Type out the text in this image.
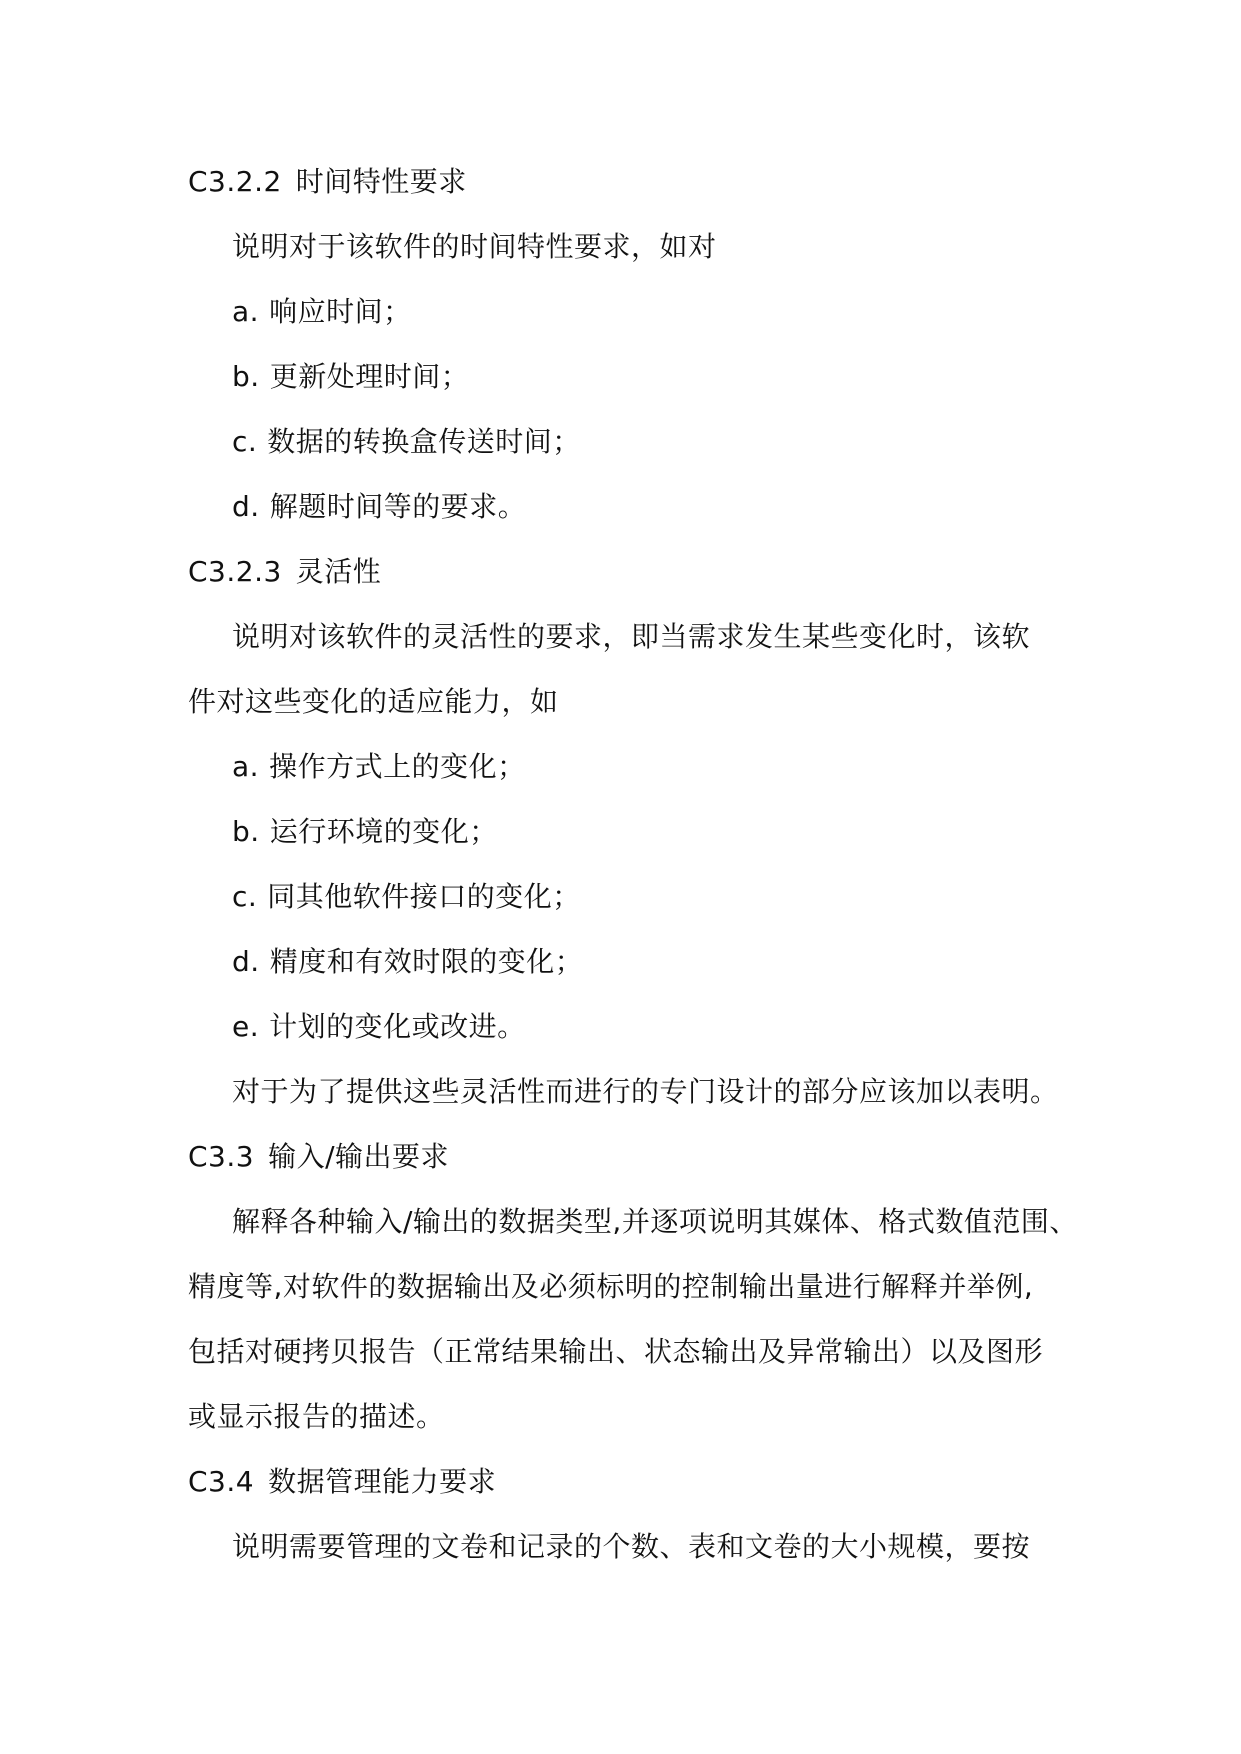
C3.2.2 时间特性要求
说明对于该软件的时间特性要求，如对
a. 响应时间；
b. 更新处理时间；
c. 数据的转换盒传送时间；
d. 解题时间等的要求。
C3.2.3 灵活性
说明对该软件的灵活性的要求，即当需求发生某些变化时，该软
件对这些变化的适应能力，如
a. 操作方式上的变化；
b. 运行环境的变化；
c. 同其他软件接口的变化；
d. 精度和有效时限的变化；
e. 计划的变化或改进。
对于为了提供这些灵活性而进行的专门设计的部分应该加以表明。
C3.3 输入/输出要求
解释各种输入/输出的数据类型,并逐项说明其媒体、格式数值范围、
精度等,对软件的数据输出及必须标明的控制输出量进行解释并举例,
包括对硬拷贝报告（正常结果输出、状态输出及异常输出）以及图形
或显示报告的描述。
C3.4 数据管理能力要求
说明需要管理的文卷和记录的个数、表和文卷的大小规模，要按
